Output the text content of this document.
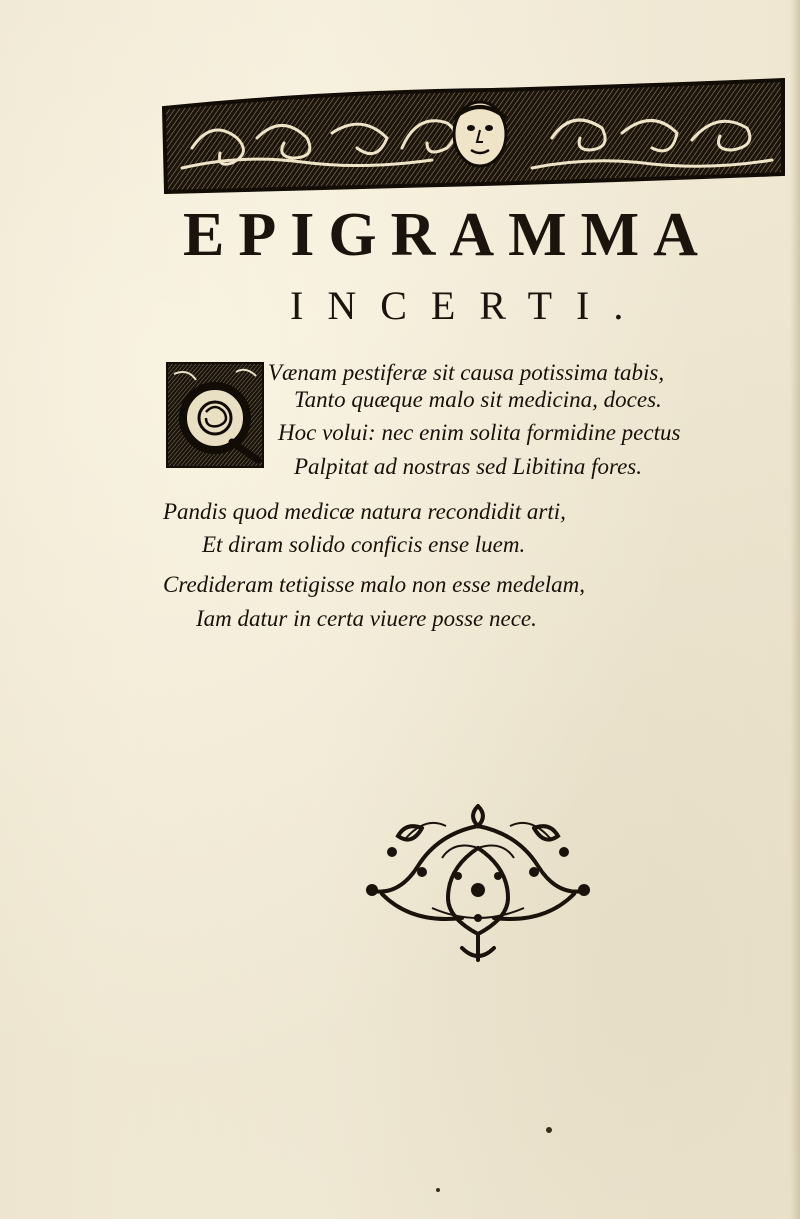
EPIGRAMMA
INCERTI.
Vænam pestiferæ sit causa potissima tabis,
Tanto quæque malo sit medicina, doces.
Hoc volui: nec enim solita formidine pectus
Palpitat ad nostras sed Libitina fores.
Pandis quod medicæ natura recondidit arti,
Et diram solido conficis ense luem.
Credideram tetigisse malo non esse medelam,
Iam datur in certa viuere posse nece.
